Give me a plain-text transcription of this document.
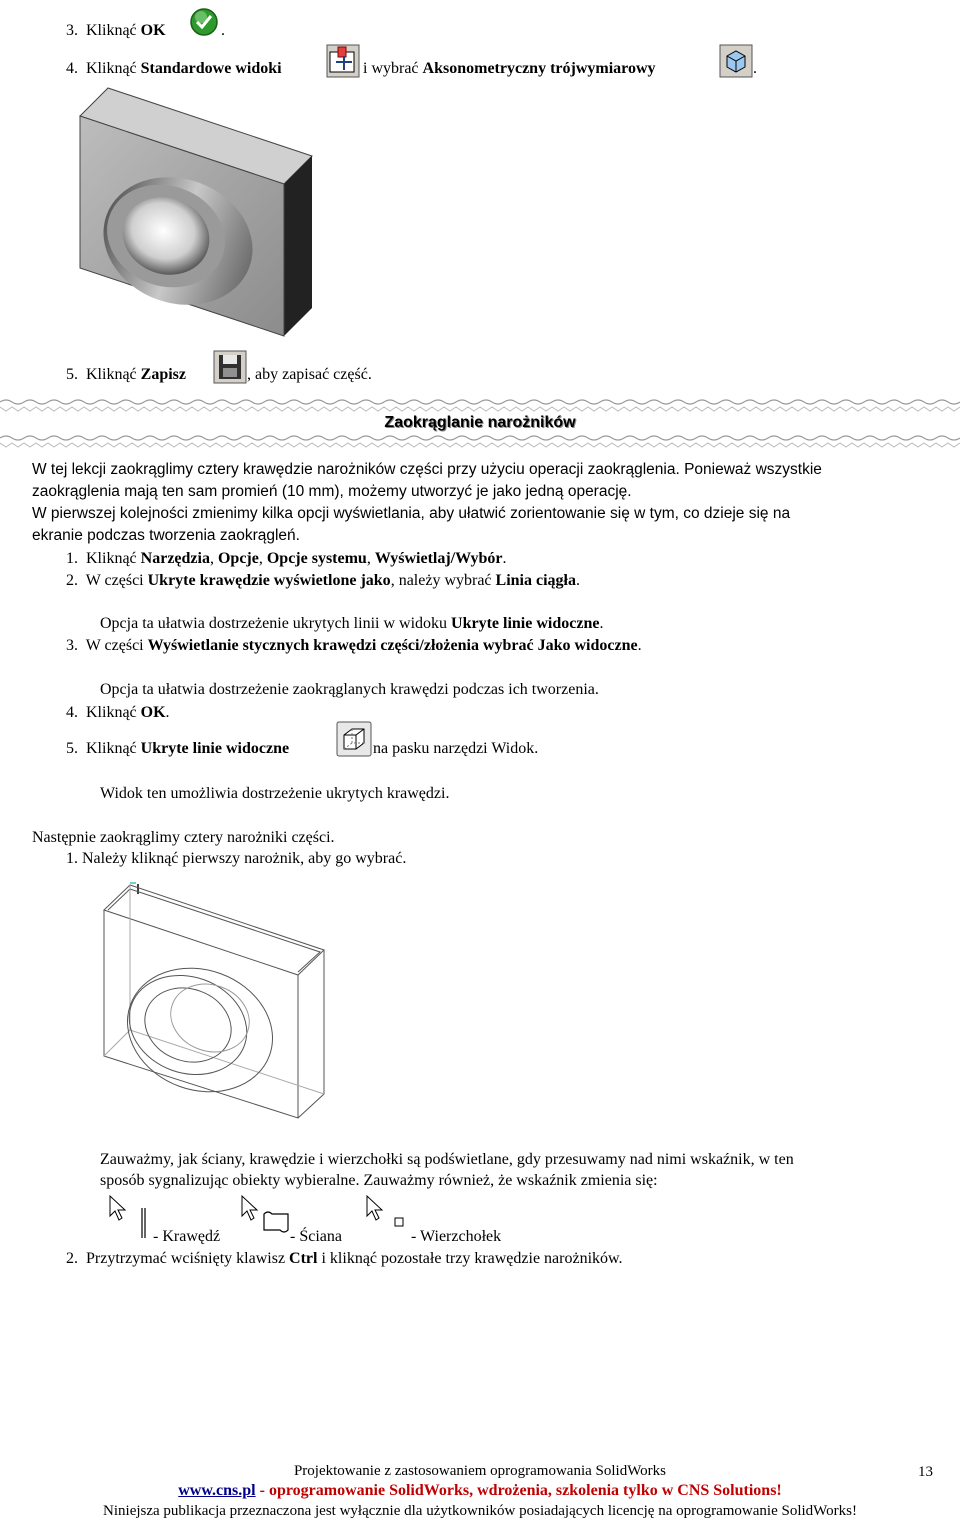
3. Kliknąć OK	.
4. Kliknąć Standardowe widoki	i wybrać Aksonometryczny trójwymiarowy	.
5. Kliknąć Zapisz	, aby zapisać część.
Zaokrąglanie narożników
W tej lekcji zaokrąglimy cztery krawędzie narożników części przy użyciu operacji zaokrąglenia. Ponieważ wszystkie
zaokrąglenia mają ten sam promień (10 mm), możemy utworzyć je jako jedną operację.
W pierwszej kolejności zmienimy kilka opcji wyświetlania, aby ułatwić zorientowanie się w tym, co dzieje się na
ekranie podczas tworzenia zaokrągleń.
1. Kliknąć Narzędzia, Opcje, Opcje systemu, Wyświetlaj/Wybór.
2. W części Ukryte krawędzie wyświetlone jako, należy wybrać Linia ciągła.
Opcja ta ułatwia dostrzeżenie ukrytych linii w widoku Ukryte linie widoczne.
3. W części Wyświetlanie stycznych krawędzi części/złożenia wybrać Jako widoczne.
Opcja ta ułatwia dostrzeżenie zaokrąglanych krawędzi podczas ich tworzenia.
4. Kliknąć OK.
5. Kliknąć Ukryte linie widoczne	na pasku narzędzi Widok.
Widok ten umożliwia dostrzeżenie ukrytych krawędzi.
Następnie zaokrąglimy cztery narożniki części.
1. Należy kliknąć pierwszy narożnik, aby go wybrać.
Zauważmy, jak ściany, krawędzie i wierzchołki są podświetlane, gdy przesuwamy nad nimi wskaźnik, w ten
sposób sygnalizując obiekty wybieralne. Zauważmy również, że wskaźnik zmienia się:
- Krawędź	- Ściana	- Wierzchołek
2. Przytrzymać wciśnięty klawisz Ctrl i kliknąć pozostałe trzy krawędzie narożników.
Projektowanie z zastosowaniem oprogramowania SolidWorks	13
www.cns.pl - oprogramowanie SolidWorks, wdrożenia, szkolenia tylko w CNS Solutions!
Niniejsza publikacja przeznaczona jest wyłącznie dla użytkowników posiadających licencję na oprogramowanie SolidWorks!
